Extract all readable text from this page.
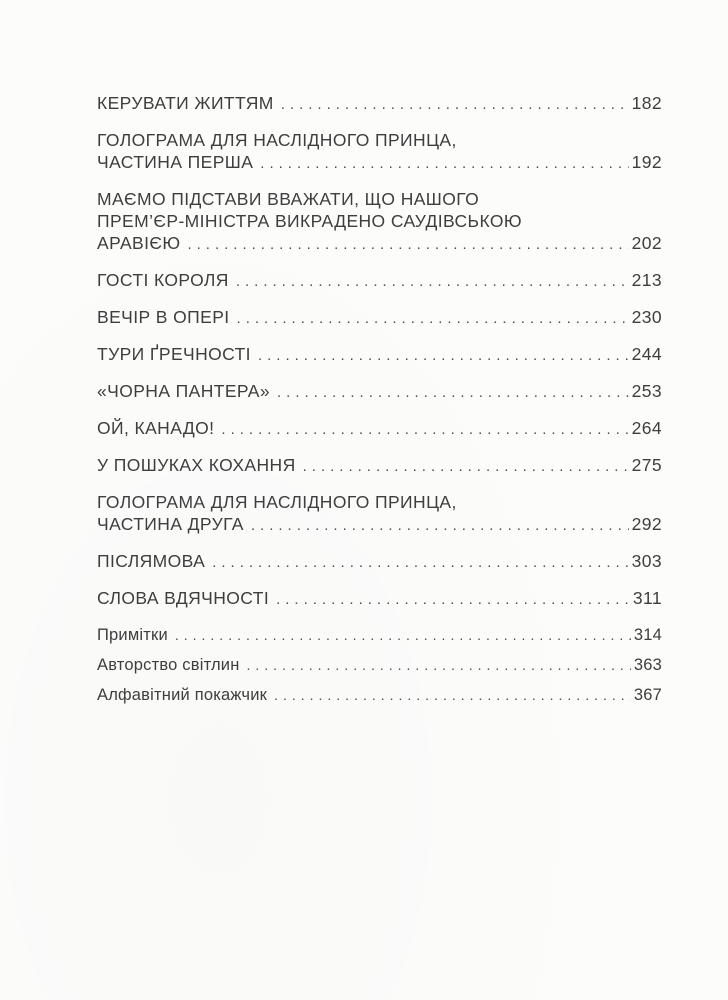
КЕРУВАТИ ЖИТТЯМ .....	182
ГОЛОГРАМА ДЛЯ НАСЛІДНОГО ПРИНЦА,
ЧАСТИНА ПЕРША .....	192
МАЄМО ПІДСТАВИ ВВАЖАТИ, ЩО НАШОГО
ПРЕМ’ЄР-МІНІСТРА ВИКРАДЕНО САУДІВСЬКОЮ
АРАВІЄЮ .....	202
ГОСТІ КОРОЛЯ .....	213
ВЕЧІР В ОПЕРІ .....	230
ТУРИ ҐРЕЧНОСТІ .....	244
«ЧОРНА ПАНТЕРА» .....	253
ОЙ, КАНАДО! .....	264
У ПОШУКАХ КОХАННЯ .....	275
ГОЛОГРАМА ДЛЯ НАСЛІДНОГО ПРИНЦА,
ЧАСТИНА ДРУГА .....	292
ПІСЛЯМОВА .....	303
СЛОВА ВДЯЧНОСТІ .....	311
Примітки .....	314
Авторство світлин .....	363
Алфавітний покажчик .....	367
